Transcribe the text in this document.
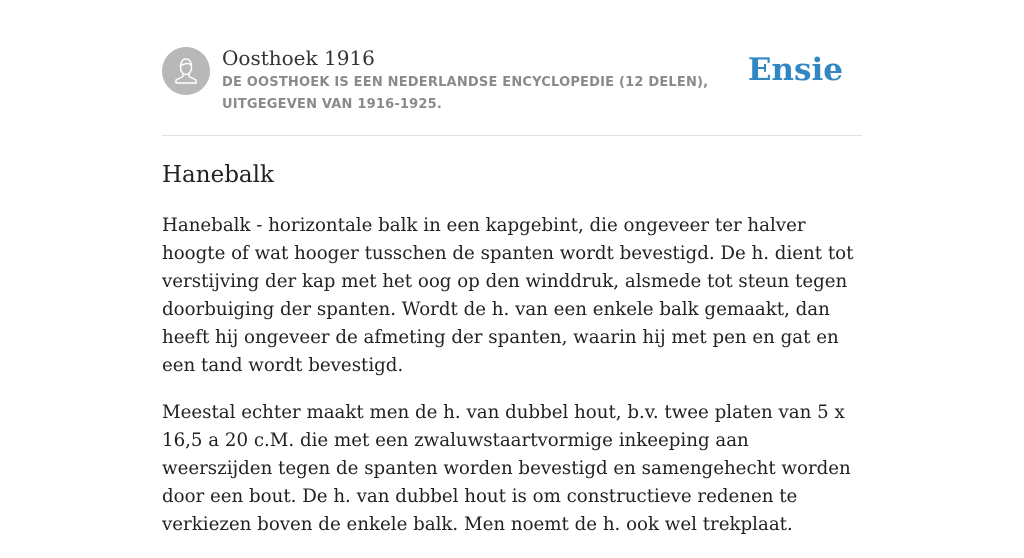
Oosthoek 1916
DE OOSTHOEK IS EEN NEDERLANDSE ENCYCLOPEDIE (12 DELEN), UITGEGEVEN VAN 1916-1925.
Ensie
Hanebalk

Hanebalk - horizontale balk in een kapgebint, die ongeveer ter halver hoogte of wat hooger tusschen de spanten wordt bevestigd. De h. dient tot verstijving der kap met het oog op den winddruk, alsmede tot steun tegen doorbuiging der spanten. Wordt de h. van een enkele balk gemaakt, dan heeft hij ongeveer de afmeting der spanten, waarin hij met pen en gat en een tand wordt bevestigd.

Meestal echter maakt men de h. van dubbel hout, b.v. twee platen van 5 x 16,5 a 20 c.M. die met een zwaluwstaartvormige inkeeping aan weerszijden tegen de spanten worden bevestigd en samengehecht worden door een bout. De h. van dubbel hout is om constructieve redenen te verkiezen boven de enkele balk. Men noemt de h. ook wel trekplaat.
